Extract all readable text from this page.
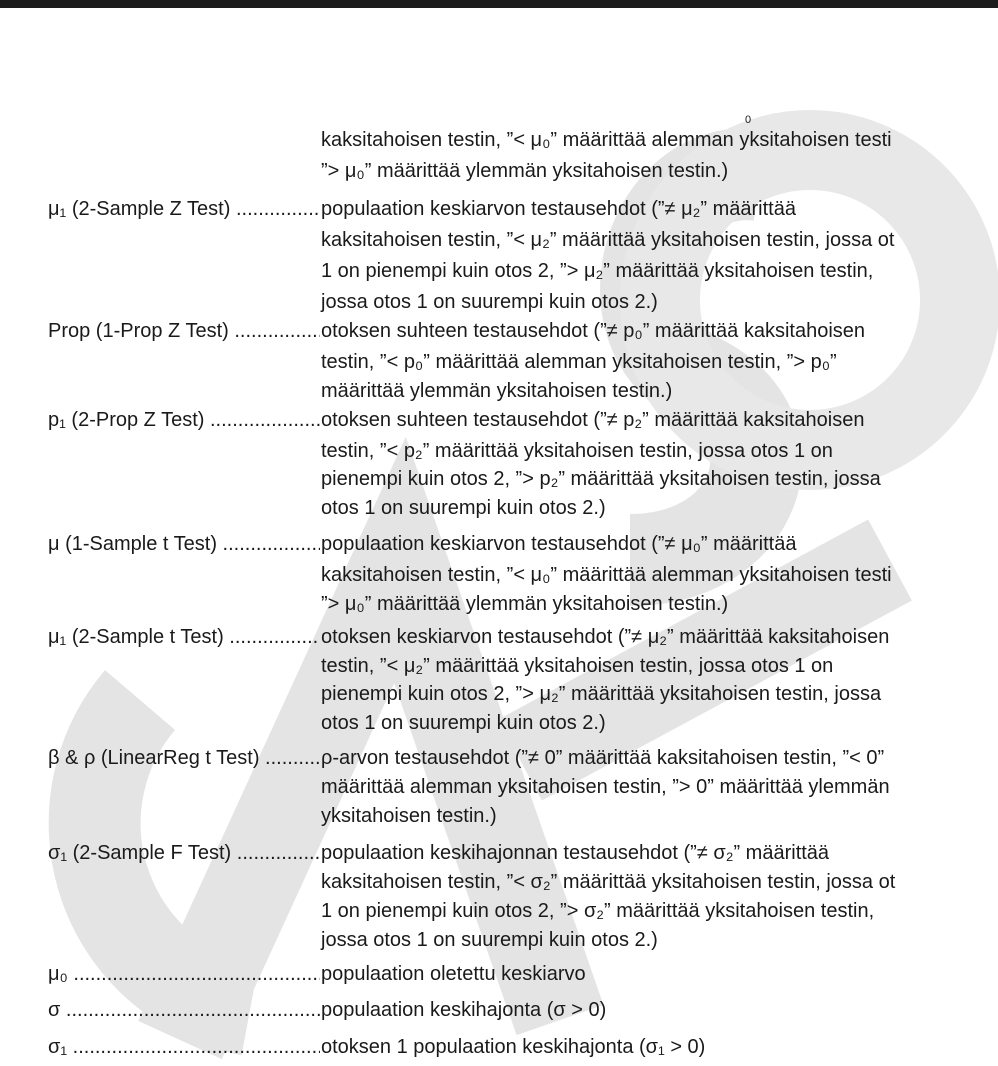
0
kaksitahoisen testin, ”< μ₀” määrittää alemman yksitahoisen testi
”> μ₀” määrittää ylemmän yksitahoisen testin.)
μ₁ (2-Sample Z Test) .....	populaation keskiarvon testausehdot (”≠ μ₂” määrittää
kaksitahoisen testin, ”< μ₂” määrittää yksitahoisen testin, jossa ot
1 on pienempi kuin otos 2, ”> μ₂” määrittää yksitahoisen testin,
jossa otos 1 on suurempi kuin otos 2.)
Prop (1-Prop Z Test) .....	otoksen suhteen testausehdot (”≠ p₀” määrittää kaksitahoisen
testin, ”< p₀” määrittää alemman yksitahoisen testin, ”> p₀”
määrittää ylemmän yksitahoisen testin.)
p₁ (2-Prop Z Test) .....	otoksen suhteen testausehdot (”≠ p₂” määrittää kaksitahoisen
testin, ”< p₂” määrittää yksitahoisen testin, jossa otos 1 on
pienempi kuin otos 2, ”> p₂” määrittää yksitahoisen testin, jossa
otos 1 on suurempi kuin otos 2.)
μ (1-Sample t Test) .....	populaation keskiarvon testausehdot (”≠ μ₀” määrittää
kaksitahoisen testin, ”< μ₀” määrittää alemman yksitahoisen testi
”> μ₀” määrittää ylemmän yksitahoisen testin.)
μ₁ (2-Sample t Test) .....	otoksen keskiarvon testausehdot (”≠ μ₂” määrittää kaksitahoisen
testin, ”< μ₂” määrittää yksitahoisen testin, jossa otos 1 on
pienempi kuin otos 2, ”> μ₂” määrittää yksitahoisen testin, jossa
otos 1 on suurempi kuin otos 2.)
β & ρ (LinearReg t Test) .....	ρ-arvon testausehdot (”≠ 0” määrittää kaksitahoisen testin, ”< 0”
määrittää alemman yksitahoisen testin, ”> 0” määrittää ylemmän
yksitahoisen testin.)
σ₁ (2-Sample F Test) .....	populaation keskihajonnan testausehdot (”≠ σ₂” määrittää
kaksitahoisen testin, ”< σ₂” määrittää yksitahoisen testin, jossa ot
1 on pienempi kuin otos 2, ”> σ₂” määrittää yksitahoisen testin,
jossa otos 1 on suurempi kuin otos 2.)
μ₀ .....	populaation oletettu keskiarvo
σ .....	populaation keskihajonta (σ > 0)
σ₁ .....	otoksen 1 populaation keskihajonta (σ₁ > 0)
